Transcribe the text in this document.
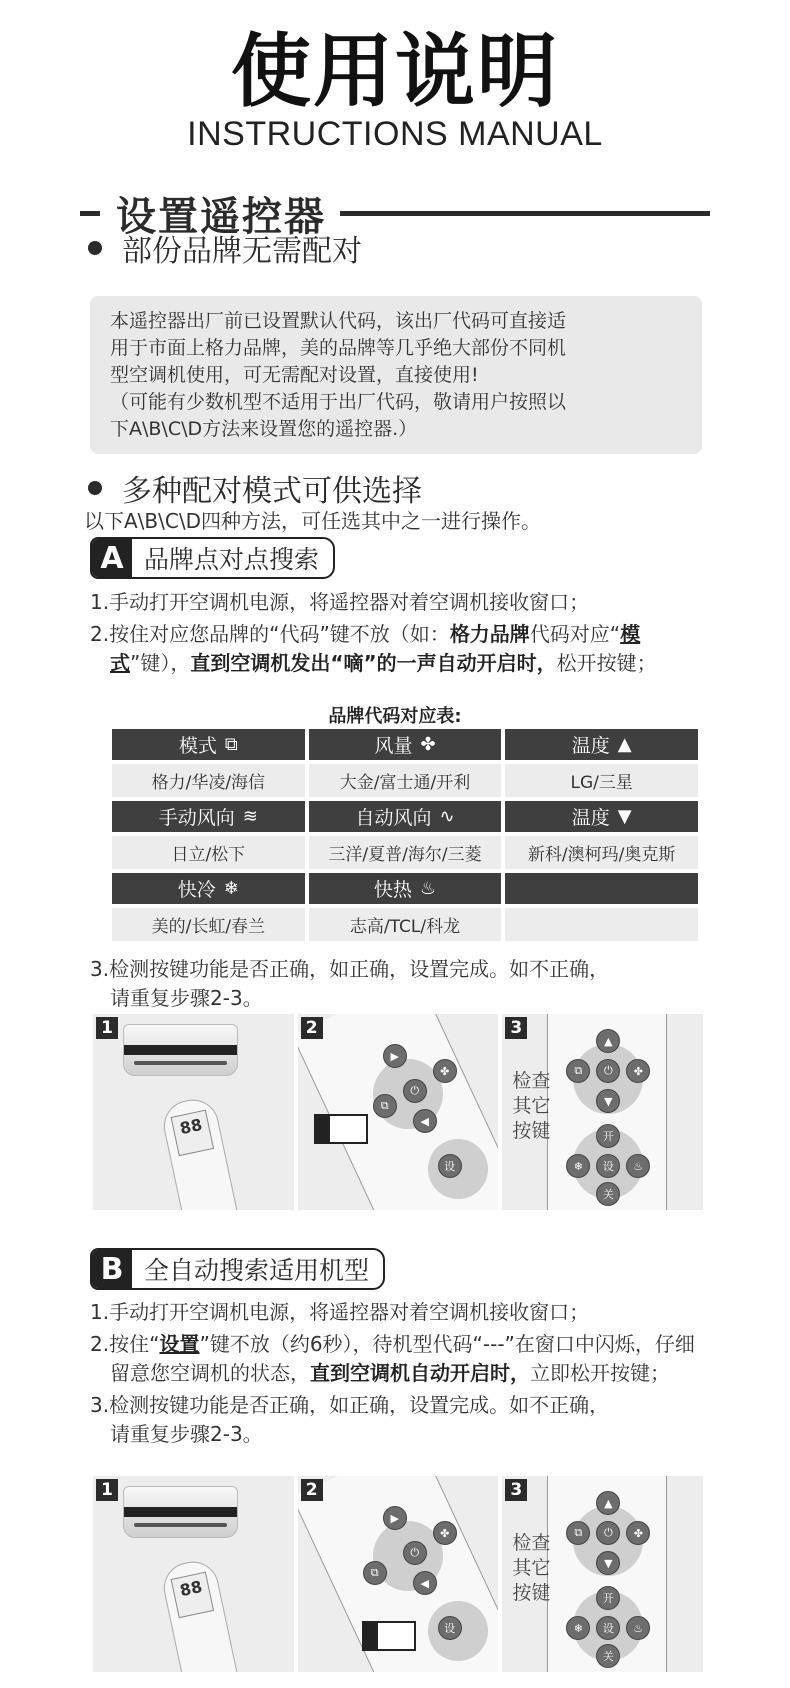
使用说明
INSTRUCTIONS MANUAL
设置遥控器
部份品牌无需配对
本遥控器出厂前已设置默认代码，该出厂代码可直接适
用于市面上格力品牌，美的品牌等几乎绝大部份不同机
型空调机使用，可无需配对设置，直接使用!
（可能有少数机型不适用于出厂代码，敬请用户按照以
下A\B\C\D方法来设置您的遥控器.）
多种配对模式可供选择
以下A\B\C\D四种方法，可任选其中之一进行操作。
A 品牌点对点搜索

1.手动打开空调机电源，将遥控器对着空调机接收窗口；

2.按住对应您品牌的“代码”键不放（如：格力品牌代码对应“模式”键），直到空调机发出“嘀”的一声自动开启时，松开按键；

品牌代码对应表:
模式 ⧉	风量 ✤	温度 ▲
格力/华凌/海信	大金/富士通/开利	LG/三星
手动风向 ≋	自动风向 ∿	温度 ▼
日立/松下	三洋/夏普/海尔/三菱	新科/澳柯玛/奥克斯
快冷 ❄	快热 ♨
美的/长虹/春兰	志高/TCL/科龙
3.检测按键功能是否正确，如正确，设置完成。如不正确，
请重复步骤2-3。
1
88
2
▶
⏻
✤
⧉
◀
设
▲
⧉	⏻	✤
▼
开
❄	设	♨
关
3
检查
其它
按键
B 全自动搜索适用机型

1.手动打开空调机电源，将遥控器对着空调机接收窗口；

2.按住“设置”键不放（约6秒），待机型代码“---”在窗口中闪烁，仔细留意您空调机的状态，直到空调机自动开启时，立即松开按键；

3.检测按键功能是否正确，如正确，设置完成。如不正确，
请重复步骤2-3。

1
88
2
▶
⏻
✤
⧉
◀
设
▲
⧉	⏻	✤
▼
开
❄	设	♨
关
3
检查
其它
按键
